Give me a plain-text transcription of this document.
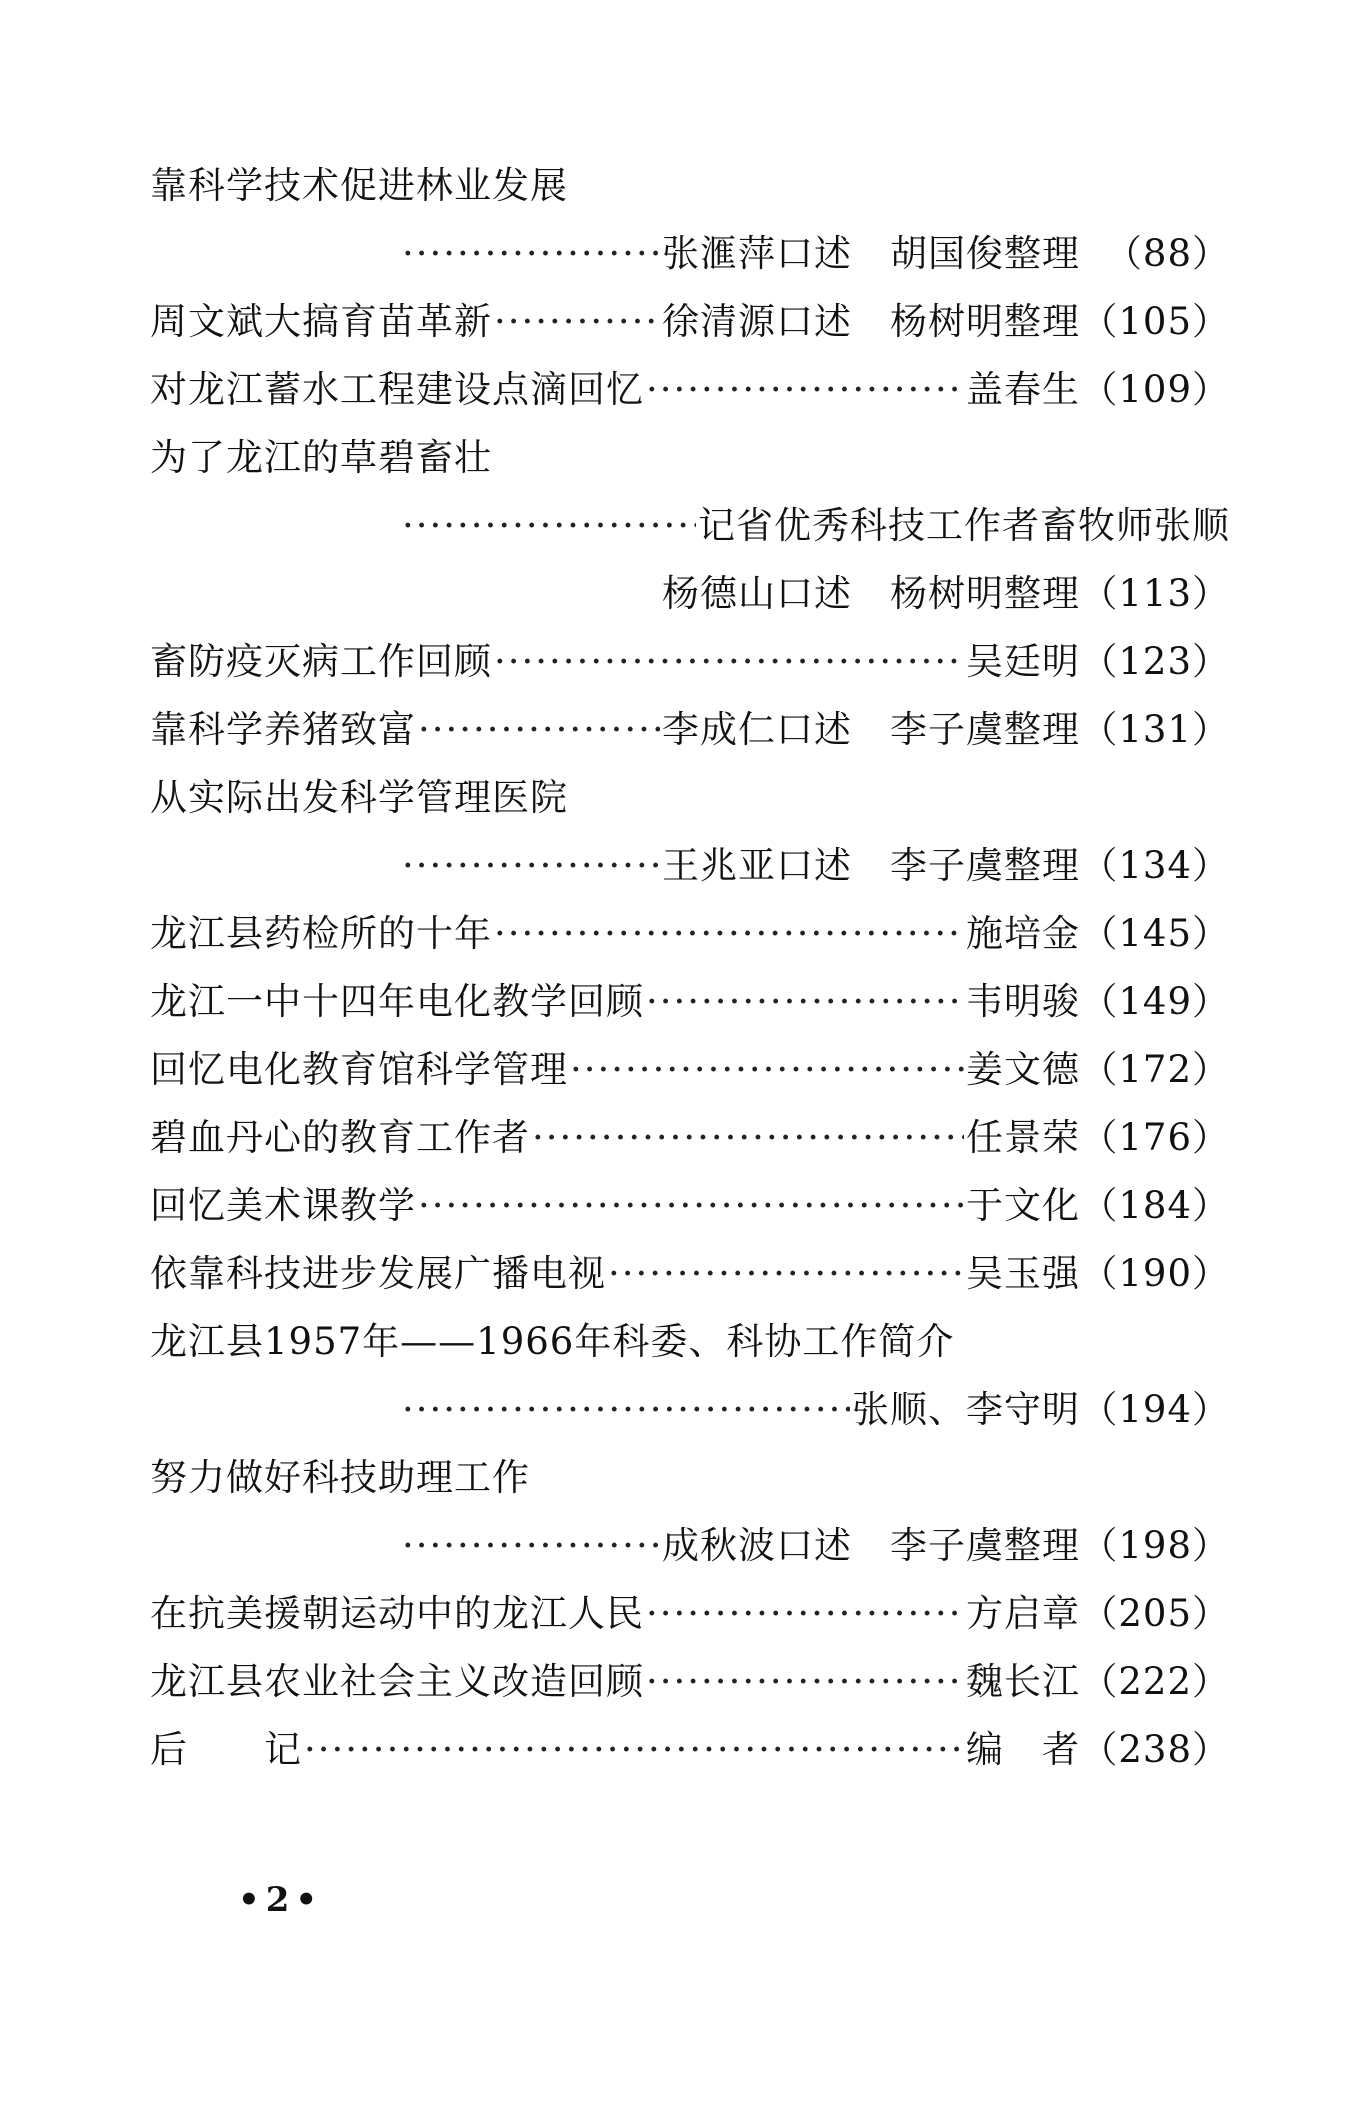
靠科学技术促进林业发展
·····
张滙萍口述　胡国俊整理 （88）
周文斌大搞育苗革新 ·····	徐清源口述　杨树明整理 （105）
对龙江蓄水工程建设点滴回忆 ·····	盖春生 （109）
为了龙江的草碧畜壮
·····
记省优秀科技工作者畜牧师张顺
杨德山口述　杨树明整理 （113）
畜防疫灭病工作回顾 ·····	吴廷明 （123）
靠科学养猪致富 ·····	李成仁口述　李子虞整理 （131）
从实际出发科学管理医院
·····
王兆亚口述　李子虞整理 （134）
龙江县药检所的十年 ·····	施培金 （145）
龙江一中十四年电化教学回顾 ·····	韦明骏 （149）
回忆电化教育馆科学管理 ·····	姜文德 （172）
碧血丹心的教育工作者 ·····	任景荣 （176）
回忆美术课教学 ·····	于文化 （184）
依靠科技进步发展广播电视 ·····	吴玉强 （190）
龙江县1957年——1966年科委、科协工作简介
·····
张顺、李守明 （194）
努力做好科技助理工作
·····
成秋波口述　李子虞整理 （198）
在抗美援朝运动中的龙江人民 ·····	方启章 （205）
龙江县农业社会主义改造回顾 ·····	魏长江 （222）
后　　记 ·····	编　者 （238）
•2•
